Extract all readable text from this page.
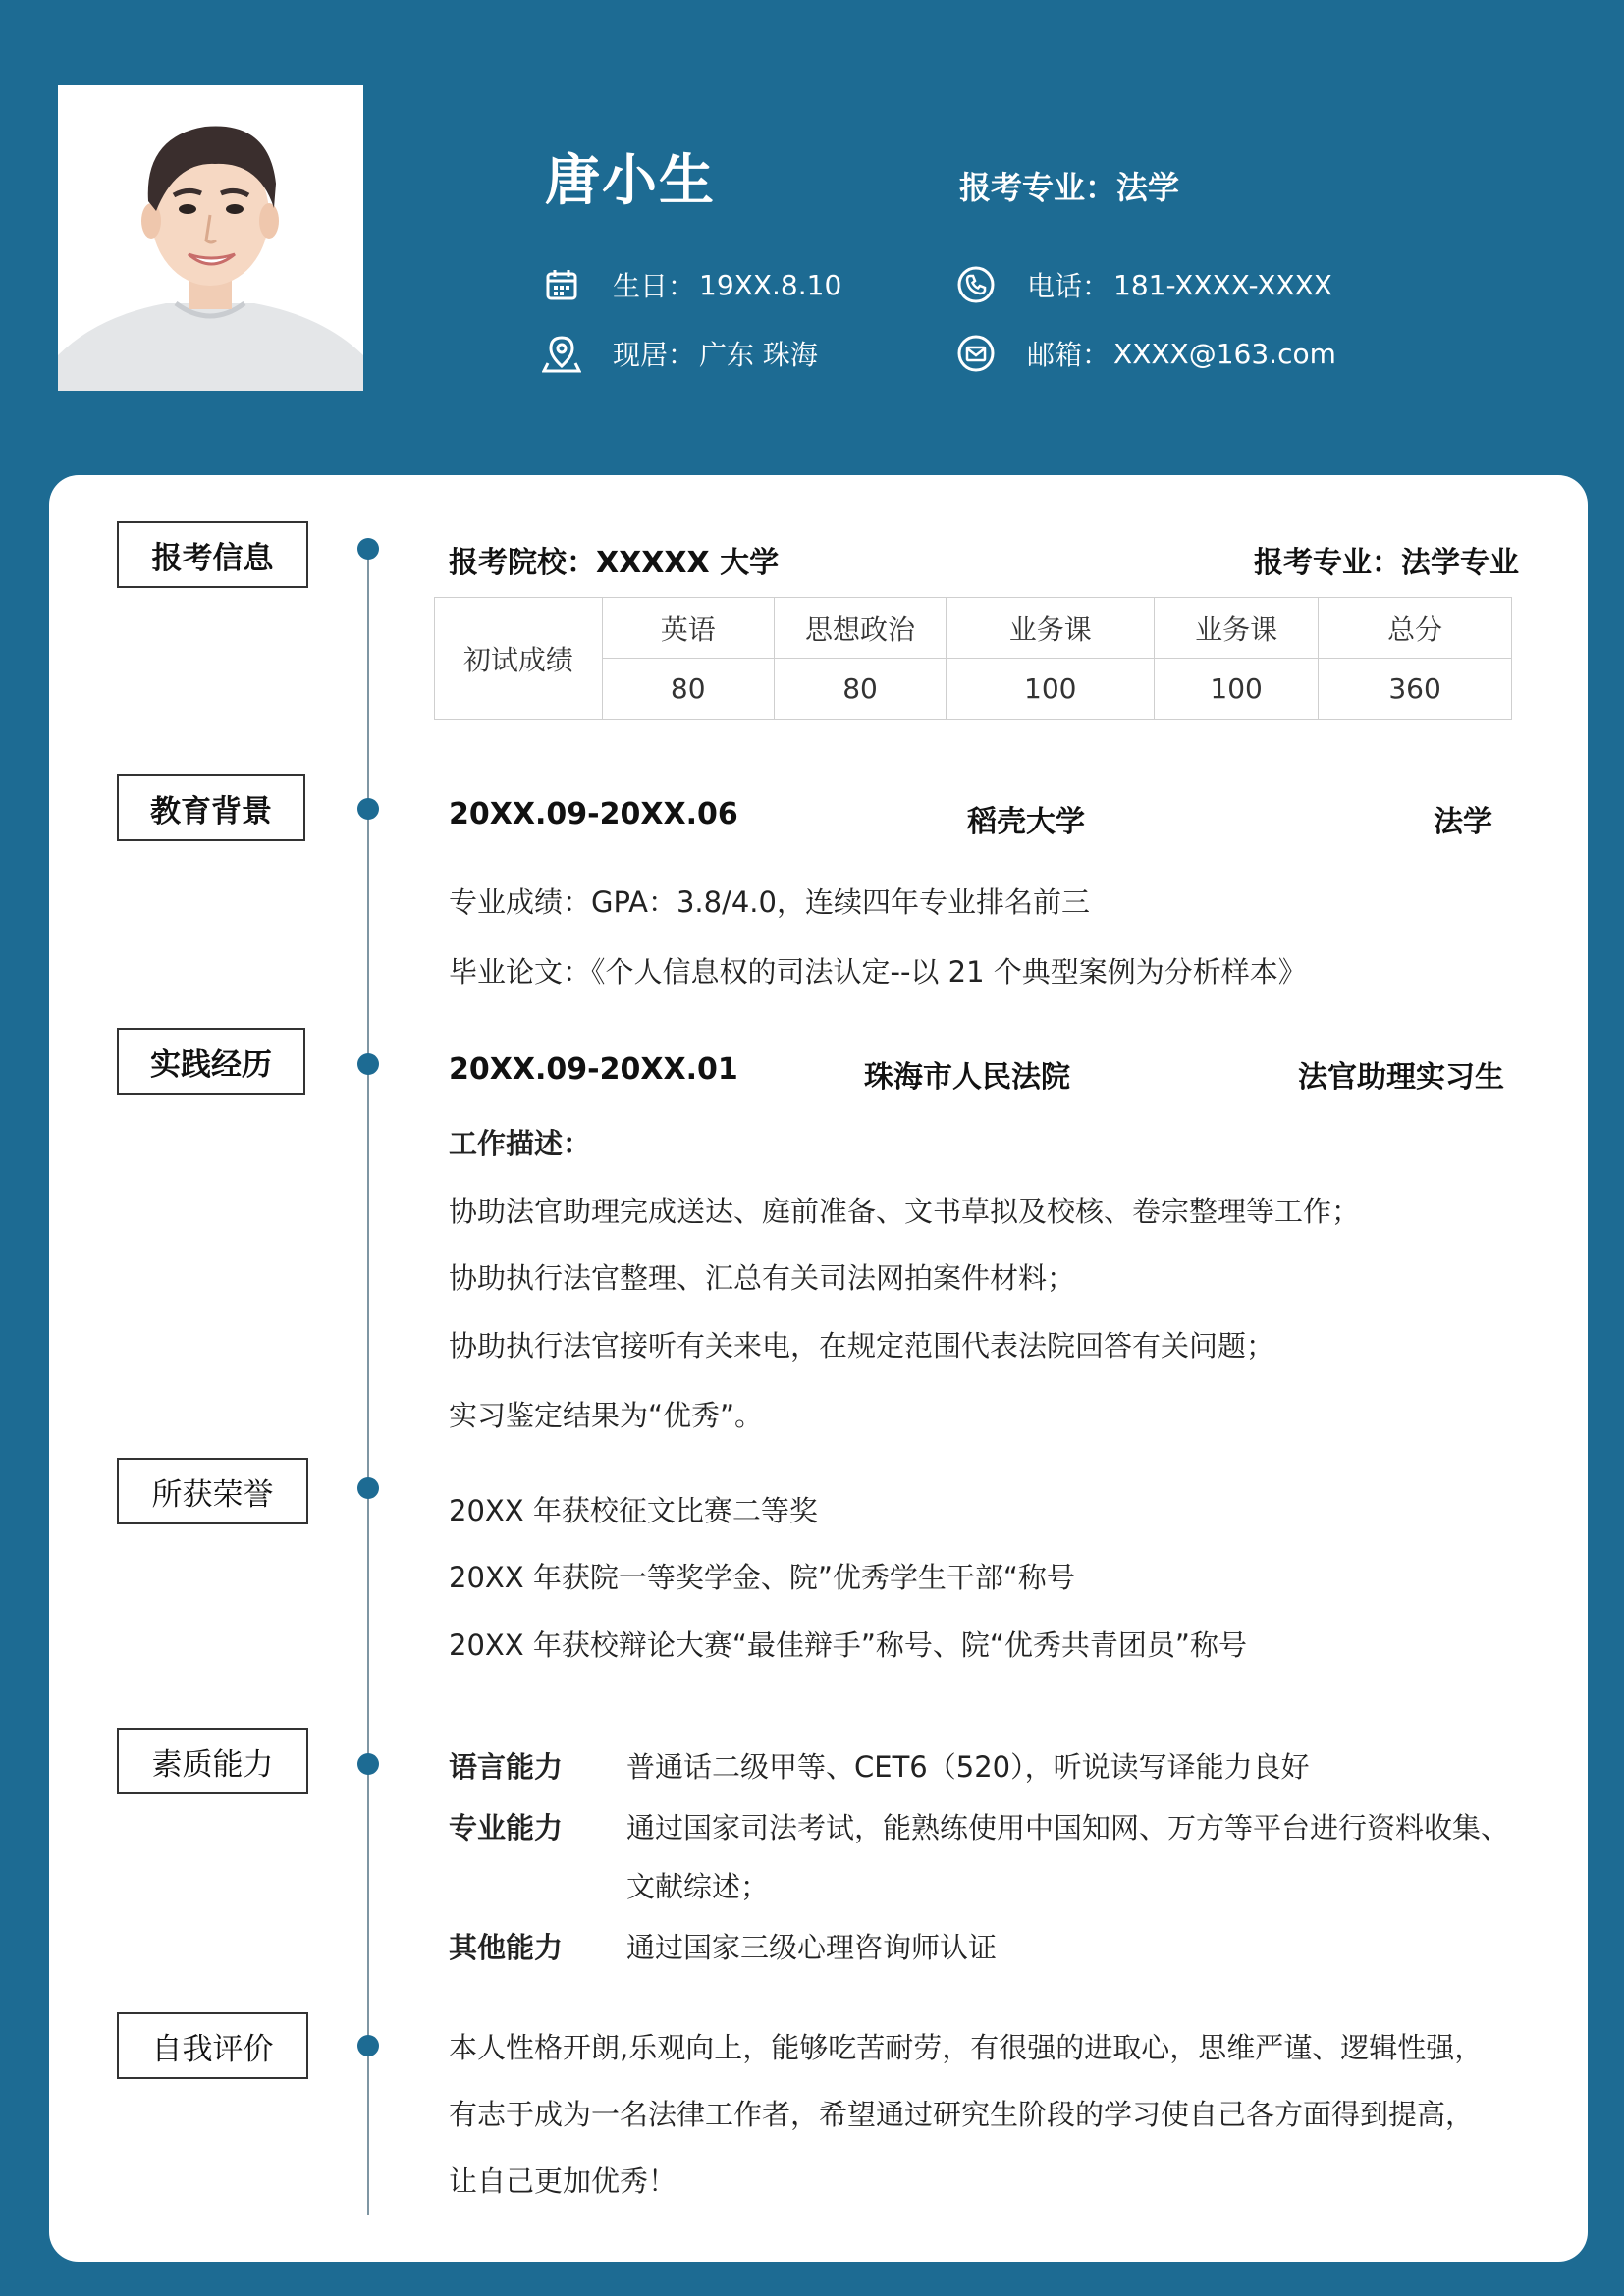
唐小生	报考专业：法学
生日： 19XX.8.10
现居： 广东 珠海
电话： 181-XXXX-XXXX
邮箱： XXXX@163.com
报考信息	报考院校：XXXXX 大学	报考专业：法学专业
初试成绩	英语	思想政治	业务课	业务课	总分
	80	80	100	100	360
教育背景	20XX.09-20XX.06	稻壳大学	法学
专业成绩：GPA：3.8/4.0，连续四年专业排名前三
毕业论文：《个人信息权的司法认定--以 21 个典型案例为分析样本》
实践经历	20XX.09-20XX.01	珠海市人民法院	法官助理实习生
工作描述：
协助法官助理完成送达、庭前准备、文书草拟及校核、卷宗整理等工作；
协助执行法官整理、汇总有关司法网拍案件材料；
协助执行法官接听有关来电，在规定范围代表法院回答有关问题；
实习鉴定结果为“优秀”。
所获荣誉	20XX 年获校征文比赛二等奖
20XX 年获院一等奖学金、院”优秀学生干部“称号
20XX 年获校辩论大赛“最佳辩手”称号、院“优秀共青团员”称号
素质能力	语言能力 普通话二级甲等、CET6（520），听说读写译能力良好
专业能力 通过国家司法考试，能熟练使用中国知网、万方等平台进行资料收集、
文献综述；
其他能力 通过国家三级心理咨询师认证
自我评价	本人性格开朗,乐观向上，能够吃苦耐劳，有很强的进取心，思维严谨、逻辑性强，
有志于成为一名法律工作者，希望通过研究生阶段的学习使自己各方面得到提高，
让自己更加优秀！
